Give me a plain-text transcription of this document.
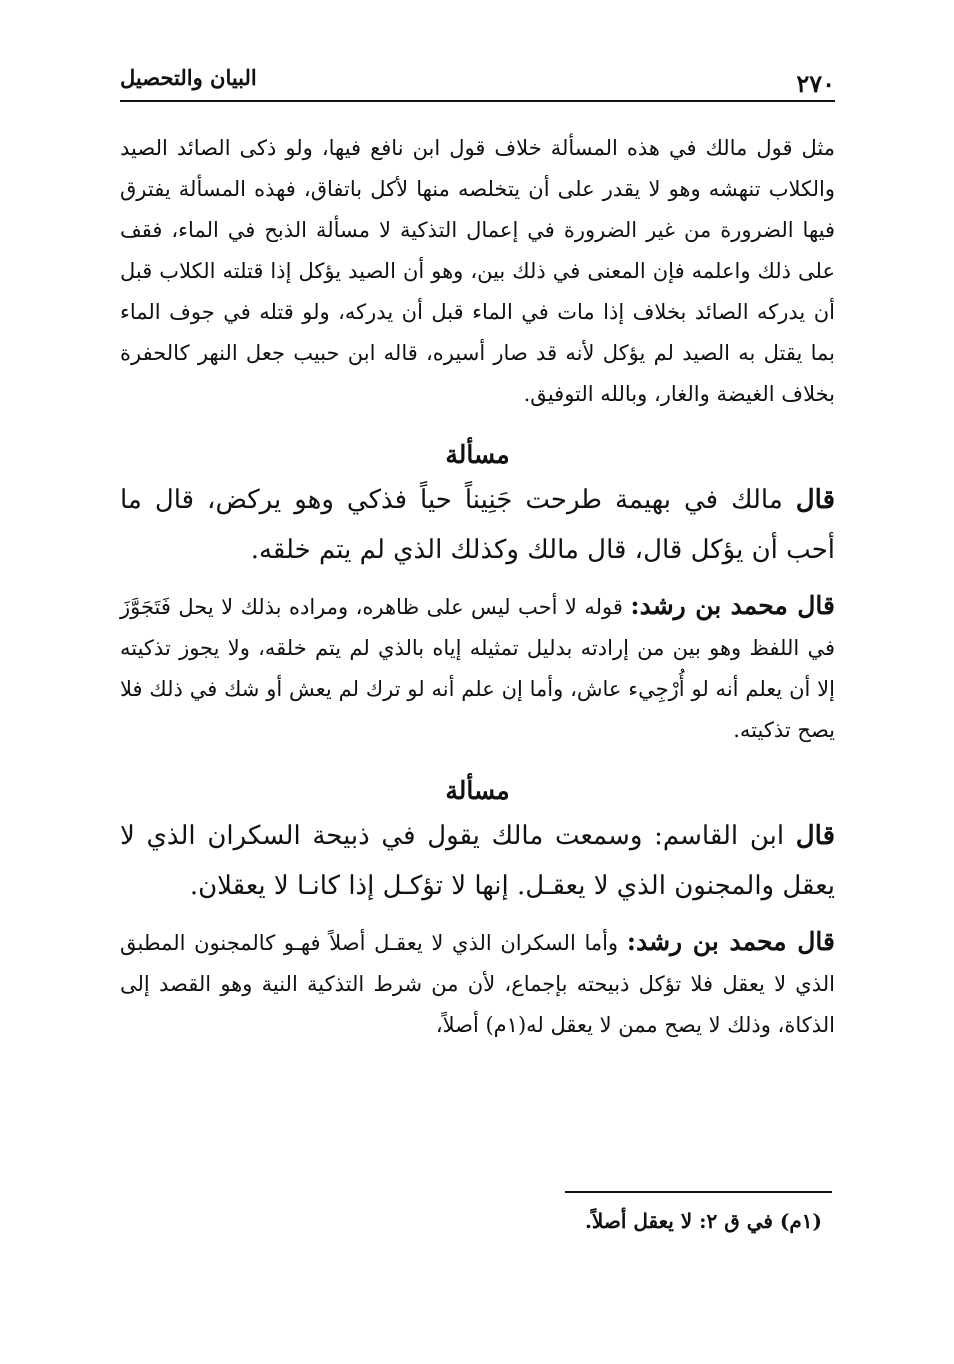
٢٧٠
البيان والتحصيل

مثل قول مالك في هذه المسألة خلاف قول ابن نافع فيها، ولو ذكى الصائد الصيد والكلاب تنهشه وهو لا يقدر على أن يتخلصه منها لأكل باتفاق، فهذه المسألة يفترق فيها الضرورة من غير الضرورة في إعمال التذكية لا مسألة الذبح في الماء، فقف على ذلك واعلمه فإن المعنى في ذلك بين، وهو أن الصيد يؤكل إذا قتلته الكلاب قبل أن يدركه الصائد بخلاف إذا مات في الماء قبل أن يدركه، ولو قتله في جوف الماء بما يقتل به الصيد لم يؤكل لأنه قد صار أسيره، قاله ابن حبيب جعل النهر كالحفرة بخلاف الغيضة والغار، وبالله التوفيق.

مسألة

قال مالك في بهيمة طرحت جَنِيناً حياً فذكي وهو يركض، قال ما أحب أن يؤكل قال، قال مالك وكذلك الذي لم يتم خلقه.

قال محمد بن رشد: قوله لا أحب ليس على ظاهره، ومراده بذلك لا يحل فَتَجَوَّزَ في اللفظ وهو بين من إرادته بدليل تمثيله إياه بالذي لم يتم خلقه، ولا يجوز تذكيته إلا أن يعلم أنه لو أُرْجِيء عاش، وأما إن علم أنه لو ترك لم يعش أو شك في ذلك فلا يصح تذكيته.

مسألة

قال ابن القاسم: وسمعت مالك يقول في ذبيحة السكران الذي لا يعقل والمجنون الذي لا يعقـل. إنها لا تؤكـل إذا كانـا لا يعقلان.

قال محمد بن رشد: وأما السكران الذي لا يعقـل أصلاً فهـو كالمجنون المطبق الذي لا يعقل فلا تؤكل ذبيحته بإجماع، لأن من شرط التذكية النية وهو القصد إلى الذكاة، وذلك لا يصح ممن لا يعقل له(١م) أصلاً،

(١م) في ق ٢: لا يعقل أصلاً.
